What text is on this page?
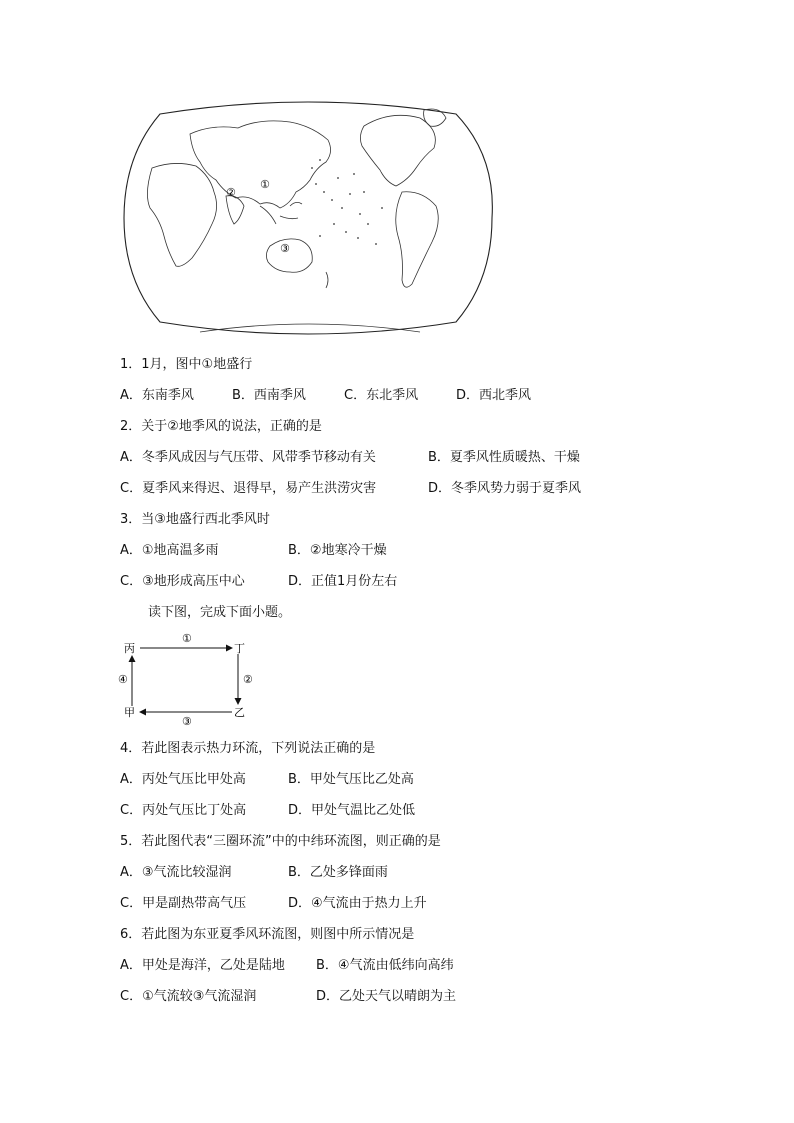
①
②
③
1．1月，图中①地盛行
A．东南季风	B．西南季风	C．东北季风	D．西北季风
2．关于②地季风的说法，正确的是
A．冬季风成因与气压带、风带季节移动有关	B．夏季风性质暖热、干燥
C．夏季风来得迟、退得早，易产生洪涝灾害	D．冬季风势力弱于夏季风
3．当③地盛行西北季风时
A．①地高温多雨	B．②地寒冷干燥
C．③地形成高压中心	D．正值1月份左右
读下图，完成下面小题。
丙	丁
甲	乙
①
②
③
④
4．若此图表示热力环流，下列说法正确的是
A．丙处气压比甲处高	B．甲处气压比乙处高
C．丙处气压比丁处高	D．甲处气温比乙处低
5．若此图代表“三圈环流”中的中纬环流图，则正确的是
A．③气流比较湿润	B．乙处多锋面雨
C．甲是副热带高气压	D．④气流由于热力上升
6．若此图为东亚夏季风环流图，则图中所示情况是
A．甲处是海洋，乙处是陆地 B．④气流由低纬向高纬
C．①气流较③气流湿润	D．乙处天气以晴朗为主
